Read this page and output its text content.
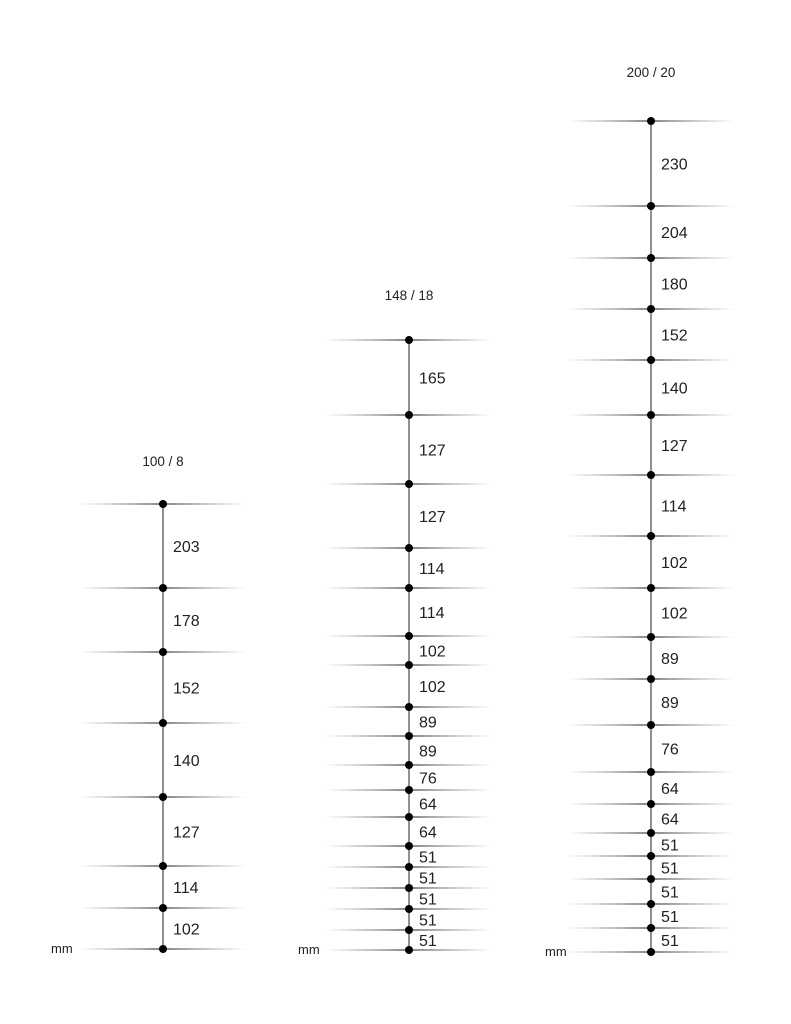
203
178
152
140
127
114
102
100 / 8
mm
165
127
127
114
114
102
102
89
89
76
64
64
51
51
51
51
51
148 / 18
mm
230
204
180
152
140
127
114
102
102
89
89
76
64
64
51
51
51
51
51
200 / 20
mm
